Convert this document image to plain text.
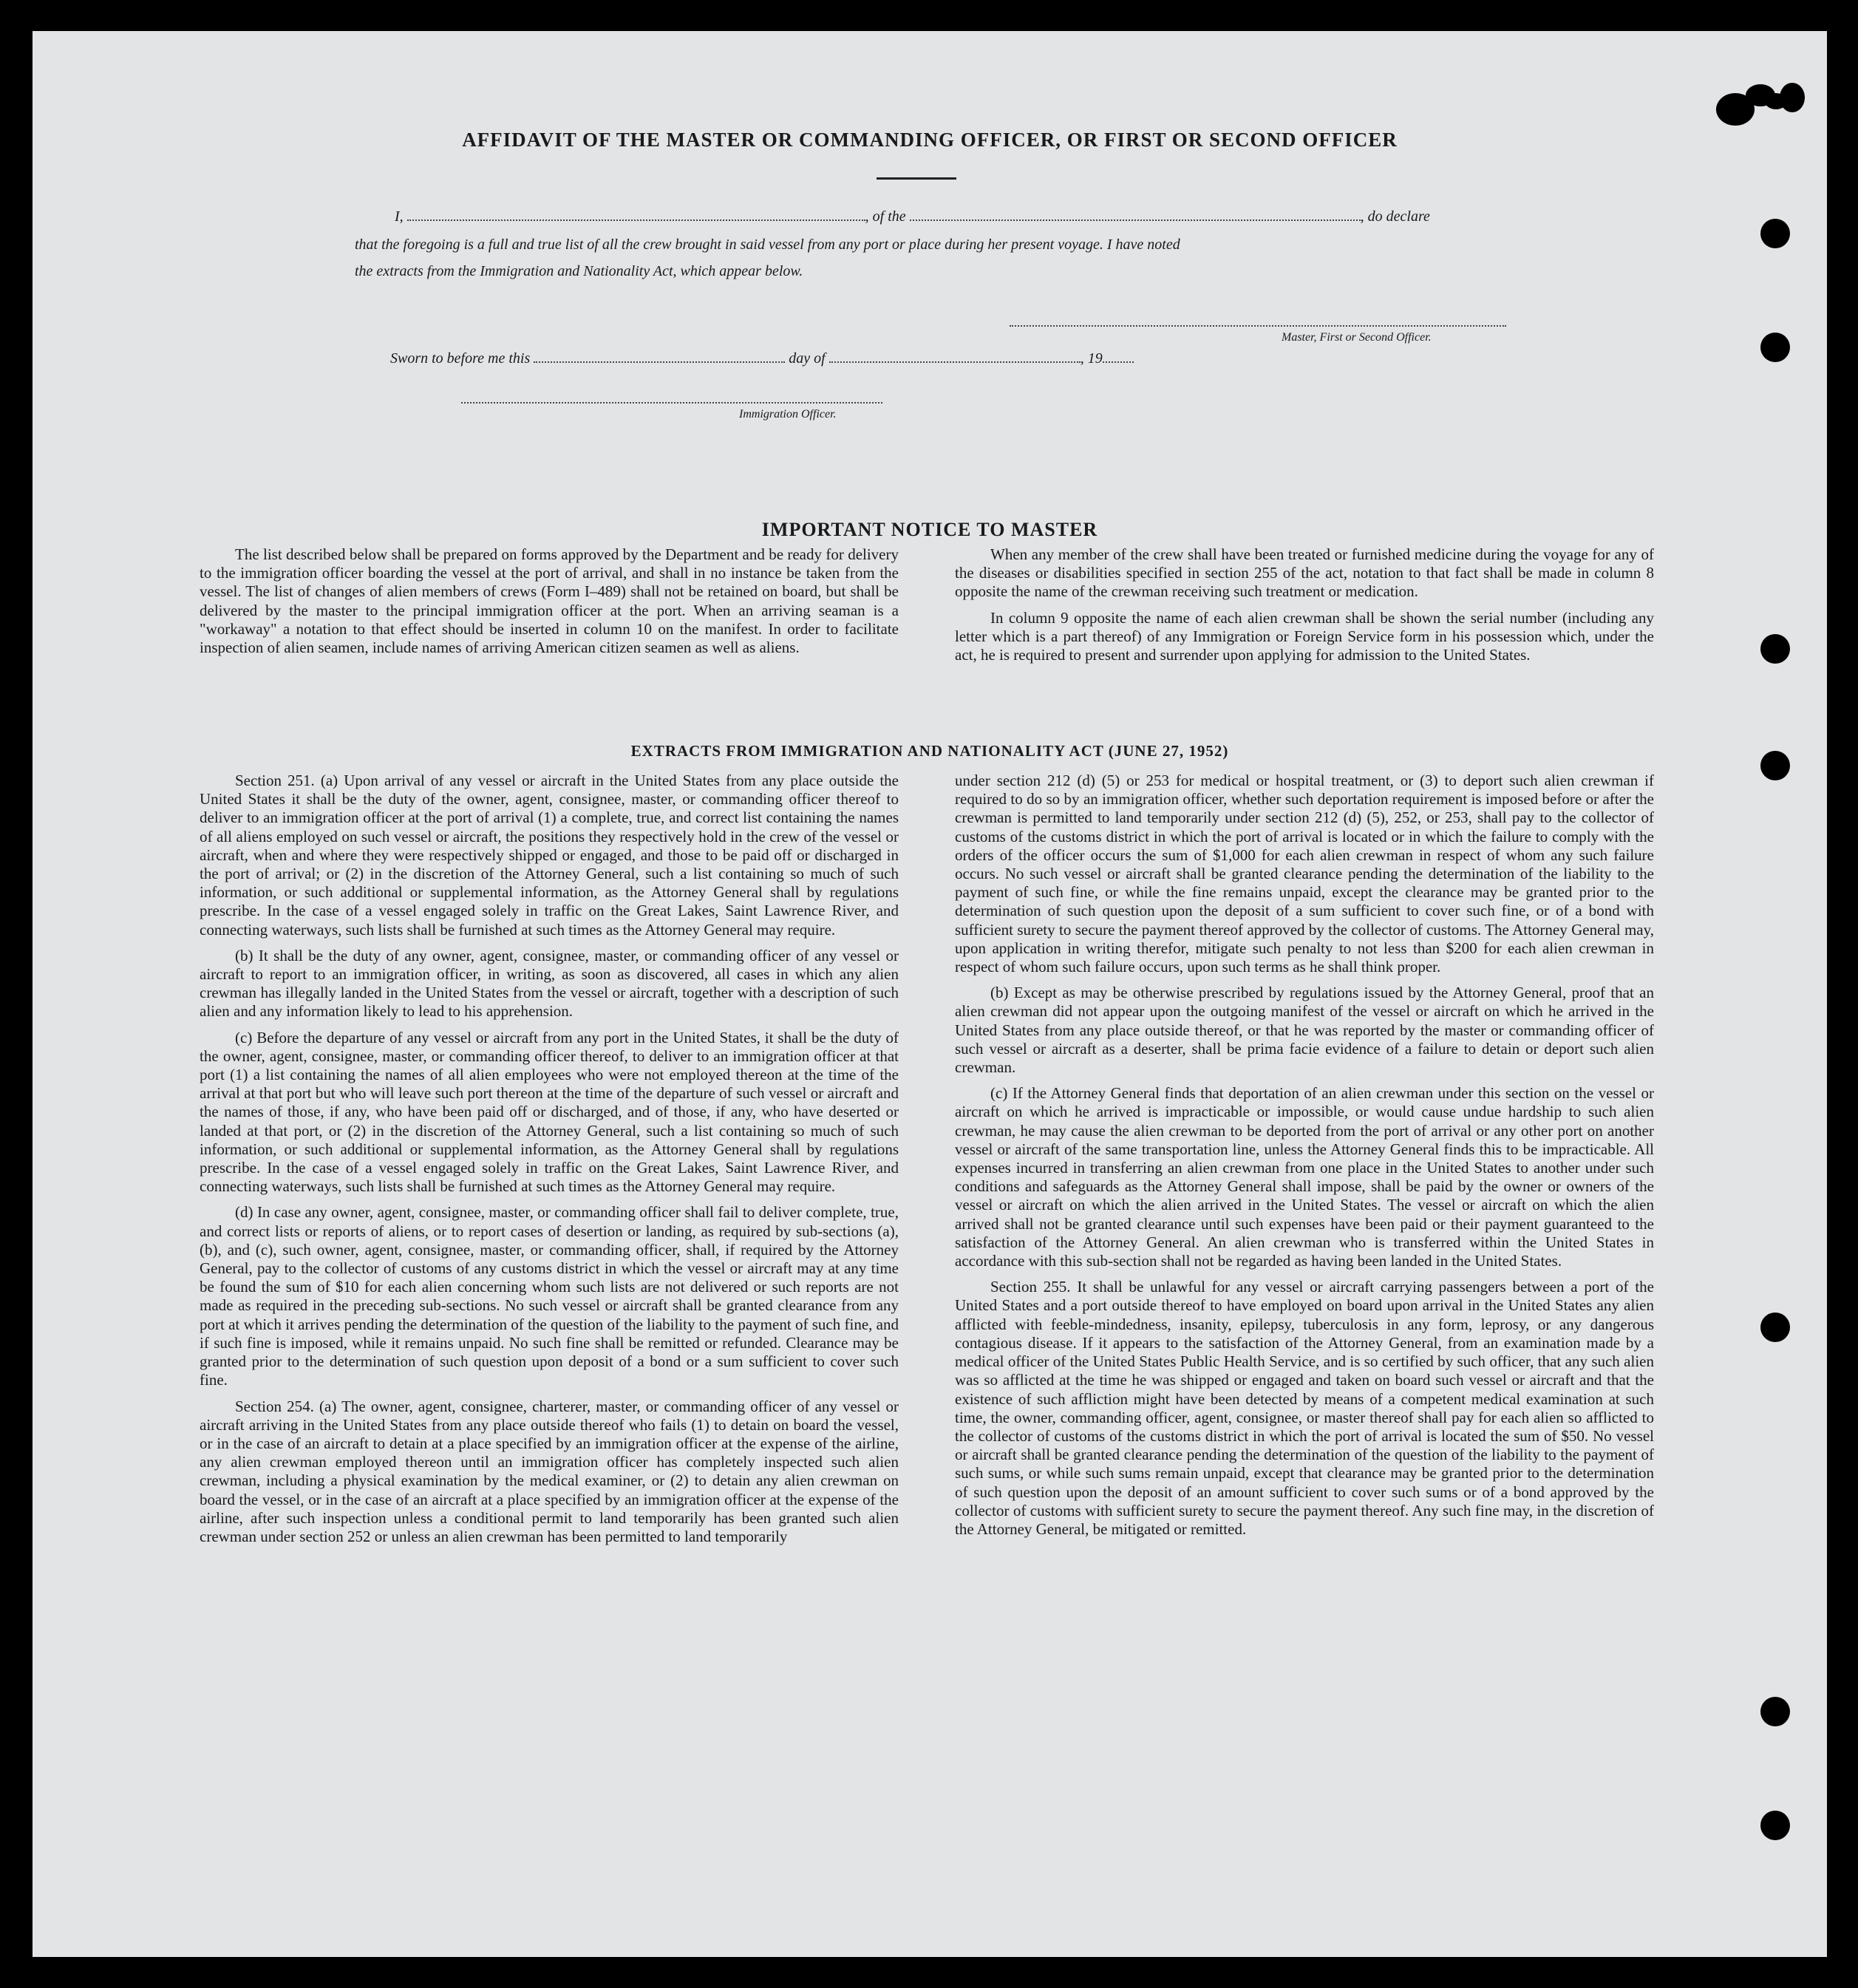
AFFIDAVIT OF THE MASTER OR COMMANDING OFFICER, OR FIRST OR SECOND OFFICER
I,	, of the	, do declare
that the foregoing is a full and true list of all the crew brought in said vessel from any port or place during her present voyage. I have noted
the extracts from the Immigration and Nationality Act, which appear below.
Master, First or Second Officer.
Sworn to before me this	day of	, 19
Immigration Officer.
IMPORTANT NOTICE TO MASTER

The list described below shall be prepared on forms approved by the Department and be ready for delivery to the immigration officer boarding the vessel at the port of arrival, and shall in no instance be taken from the vessel. The list of changes of alien members of crews (Form I–489) shall not be retained on board, but shall be delivered by the master to the principal immigration officer at the port. When an arriving seaman is a "workaway" a notation to that effect should be inserted in column 10 on the manifest. In order to facilitate inspection of alien seamen, include names of arriving American citizen seamen as well as aliens.

When any member of the crew shall have been treated or furnished medicine during the voyage for any of the diseases or disabilities specified in section 255 of the act, notation to that fact shall be made in column 8 opposite the name of the crewman receiving such treatment or medication.

In column 9 opposite the name of each alien crewman shall be shown the serial number (including any letter which is a part thereof) of any Immigration or Foreign Service form in his possession which, under the act, he is required to present and surrender upon applying for admission to the United States.

EXTRACTS FROM IMMIGRATION AND NATIONALITY ACT (JUNE 27, 1952)

Section 251. (a) Upon arrival of any vessel or aircraft in the United States from any place outside the United States it shall be the duty of the owner, agent, consignee, master, or commanding officer thereof to deliver to an immigration officer at the port of arrival (1) a complete, true, and correct list containing the names of all aliens employed on such vessel or aircraft, the positions they respectively hold in the crew of the vessel or aircraft, when and where they were respectively shipped or engaged, and those to be paid off or discharged in the port of arrival; or (2) in the discretion of the Attorney General, such a list containing so much of such information, or such additional or supplemental information, as the Attorney General shall by regulations prescribe. In the case of a vessel engaged solely in traffic on the Great Lakes, Saint Lawrence River, and connecting waterways, such lists shall be furnished at such times as the Attorney General may require.

(b) It shall be the duty of any owner, agent, consignee, master, or commanding officer of any vessel or aircraft to report to an immigration officer, in writing, as soon as discovered, all cases in which any alien crewman has illegally landed in the United States from the vessel or aircraft, together with a description of such alien and any information likely to lead to his apprehension.

(c) Before the departure of any vessel or aircraft from any port in the United States, it shall be the duty of the owner, agent, consignee, master, or commanding officer thereof, to deliver to an immigration officer at that port (1) a list containing the names of all alien employees who were not employed thereon at the time of the arrival at that port but who will leave such port thereon at the time of the departure of such vessel or aircraft and the names of those, if any, who have been paid off or discharged, and of those, if any, who have deserted or landed at that port, or (2) in the discretion of the Attorney General, such a list containing so much of such information, or such additional or supplemental information, as the Attorney General shall by regulations prescribe. In the case of a vessel engaged solely in traffic on the Great Lakes, Saint Lawrence River, and connecting waterways, such lists shall be furnished at such times as the Attorney General may require.

(d) In case any owner, agent, consignee, master, or commanding officer shall fail to deliver complete, true, and correct lists or reports of aliens, or to report cases of desertion or landing, as required by sub-sections (a), (b), and (c), such owner, agent, consignee, master, or commanding officer, shall, if required by the Attorney General, pay to the collector of customs of any customs district in which the vessel or aircraft may at any time be found the sum of $10 for each alien concerning whom such lists are not delivered or such reports are not made as required in the preceding sub-sections. No such vessel or aircraft shall be granted clearance from any port at which it arrives pending the determination of the question of the liability to the payment of such fine, and if such fine is imposed, while it remains unpaid. No such fine shall be remitted or refunded. Clearance may be granted prior to the determination of such question upon deposit of a bond or a sum sufficient to cover such fine.

Section 254. (a) The owner, agent, consignee, charterer, master, or commanding officer of any vessel or aircraft arriving in the United States from any place outside thereof who fails (1) to detain on board the vessel, or in the case of an aircraft to detain at a place specified by an immigration officer at the expense of the airline, any alien crewman employed thereon until an immigration officer has completely inspected such alien crewman, including a physical examination by the medical examiner, or (2) to detain any alien crewman on board the vessel, or in the case of an aircraft at a place specified by an immigration officer at the expense of the airline, after such inspection unless a conditional permit to land temporarily has been granted such alien crewman under section 252 or unless an alien crewman has been permitted to land temporarily

under section 212 (d) (5) or 253 for medical or hospital treatment, or (3) to deport such alien crewman if required to do so by an immigration officer, whether such deportation requirement is imposed before or after the crewman is permitted to land temporarily under section 212 (d) (5), 252, or 253, shall pay to the collector of customs of the customs district in which the port of arrival is located or in which the failure to comply with the orders of the officer occurs the sum of $1,000 for each alien crewman in respect of whom any such failure occurs. No such vessel or aircraft shall be granted clearance pending the determination of the liability to the payment of such fine, or while the fine remains unpaid, except the clearance may be granted prior to the determination of such question upon the deposit of a sum sufficient to cover such fine, or of a bond with sufficient surety to secure the payment thereof approved by the collector of customs. The Attorney General may, upon application in writing therefor, mitigate such penalty to not less than $200 for each alien crewman in respect of whom such failure occurs, upon such terms as he shall think proper.

(b) Except as may be otherwise prescribed by regulations issued by the Attorney General, proof that an alien crewman did not appear upon the outgoing manifest of the vessel or aircraft on which he arrived in the United States from any place outside thereof, or that he was reported by the master or commanding officer of such vessel or aircraft as a deserter, shall be prima facie evidence of a failure to detain or deport such alien crewman.

(c) If the Attorney General finds that deportation of an alien crewman under this section on the vessel or aircraft on which he arrived is impracticable or impossible, or would cause undue hardship to such alien crewman, he may cause the alien crewman to be deported from the port of arrival or any other port on another vessel or aircraft of the same transportation line, unless the Attorney General finds this to be impracticable. All expenses incurred in transferring an alien crewman from one place in the United States to another under such conditions and safeguards as the Attorney General shall impose, shall be paid by the owner or owners of the vessel or aircraft on which the alien arrived in the United States. The vessel or aircraft on which the alien arrived shall not be granted clearance until such expenses have been paid or their payment guaranteed to the satisfaction of the Attorney General. An alien crewman who is transferred within the United States in accordance with this sub-section shall not be regarded as having been landed in the United States.

Section 255. It shall be unlawful for any vessel or aircraft carrying passengers between a port of the United States and a port outside thereof to have employed on board upon arrival in the United States any alien afflicted with feeble-mindedness, insanity, epilepsy, tuberculosis in any form, leprosy, or any dangerous contagious disease. If it appears to the satisfaction of the Attorney General, from an examination made by a medical officer of the United States Public Health Service, and is so certified by such officer, that any such alien was so afflicted at the time he was shipped or engaged and taken on board such vessel or aircraft and that the existence of such affliction might have been detected by means of a competent medical examination at such time, the owner, commanding officer, agent, consignee, or master thereof shall pay for each alien so afflicted to the collector of customs of the customs district in which the port of arrival is located the sum of $50. No vessel or aircraft shall be granted clearance pending the determination of the question of the liability to the payment of such sums, or while such sums remain unpaid, except that clearance may be granted prior to the determination of such question upon the deposit of an amount sufficient to cover such sums or of a bond approved by the collector of customs with sufficient surety to secure the payment thereof. Any such fine may, in the discretion of the Attorney General, be mitigated or remitted.
